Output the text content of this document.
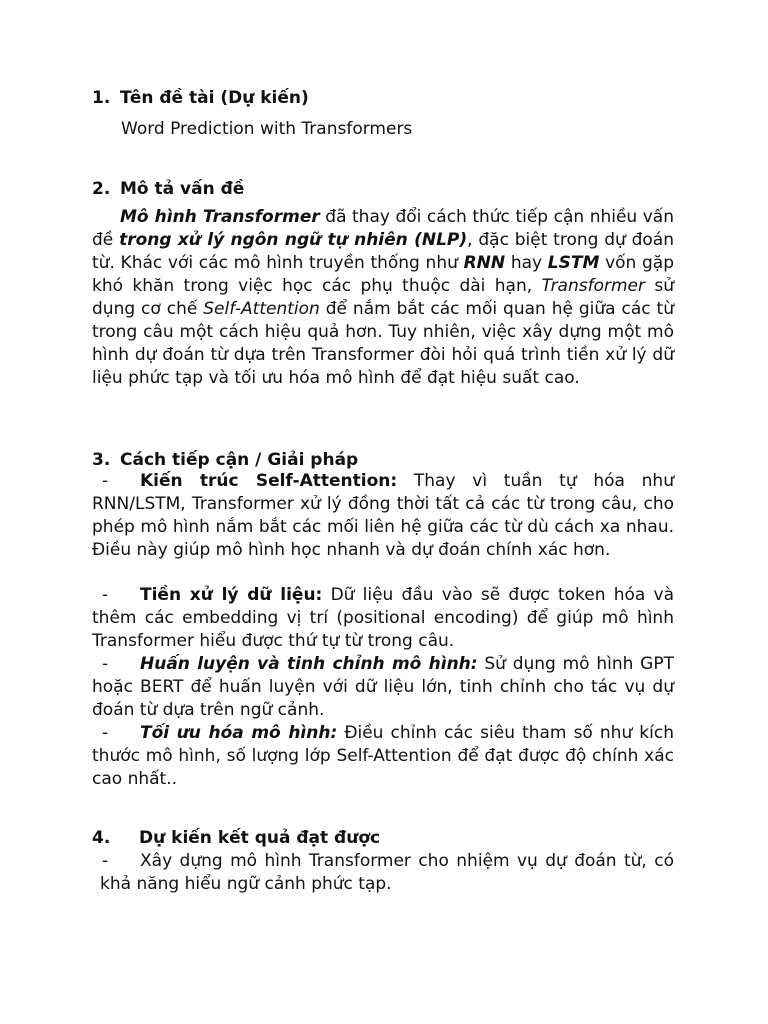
1. Tên đề tài (Dự kiến)

Word Prediction with Transformers

2. Mô tả vấn đề

Mô hình Transformer đã thay đổi cách thức tiếp cận nhiều vấn đề trong xử lý ngôn ngữ tự nhiên (NLP), đặc biệt trong dự đoán từ. Khác với các mô hình truyền thống như RNN hay LSTM vốn gặp khó khăn trong việc học các phụ thuộc dài hạn, Transformer sử dụng cơ chế Self-Attention để nắm bắt các mối quan hệ giữa các từ trong câu một cách hiệu quả hơn. Tuy nhiên, việc xây dựng một mô hình dự đoán từ dựa trên Transformer đòi hỏi quá trình tiền xử lý dữ liệu phức tạp và tối ưu hóa mô hình để đạt hiệu suất cao.

3. Cách tiếp cận / Giải pháp

- Kiến trúc Self-Attention: Thay vì tuần tự hóa như RNN/LSTM, Transformer xử lý đồng thời tất cả các từ trong câu, cho phép mô hình nắm bắt các mối liên hệ giữa các từ dù cách xa nhau. Điều này giúp mô hình học nhanh và dự đoán chính xác hơn.

- Tiền xử lý dữ liệu: Dữ liệu đầu vào sẽ được token hóa và thêm các embedding vị trí (positional encoding) để giúp mô hình Transformer hiểu được thứ tự từ trong câu.

- Huấn luyện và tinh chỉnh mô hình: Sử dụng mô hình GPT hoặc BERT để huấn luyện với dữ liệu lớn, tinh chỉnh cho tác vụ dự đoán từ dựa trên ngữ cảnh.

- Tối ưu hóa mô hình: Điều chỉnh các siêu tham số như kích thước mô hình, số lượng lớp Self-Attention để đạt được độ chính xác cao nhất..

4. Dự kiến kết quả đạt được

- Xây dựng mô hình Transformer cho nhiệm vụ dự đoán từ, có khả năng hiểu ngữ cảnh phức tạp.
